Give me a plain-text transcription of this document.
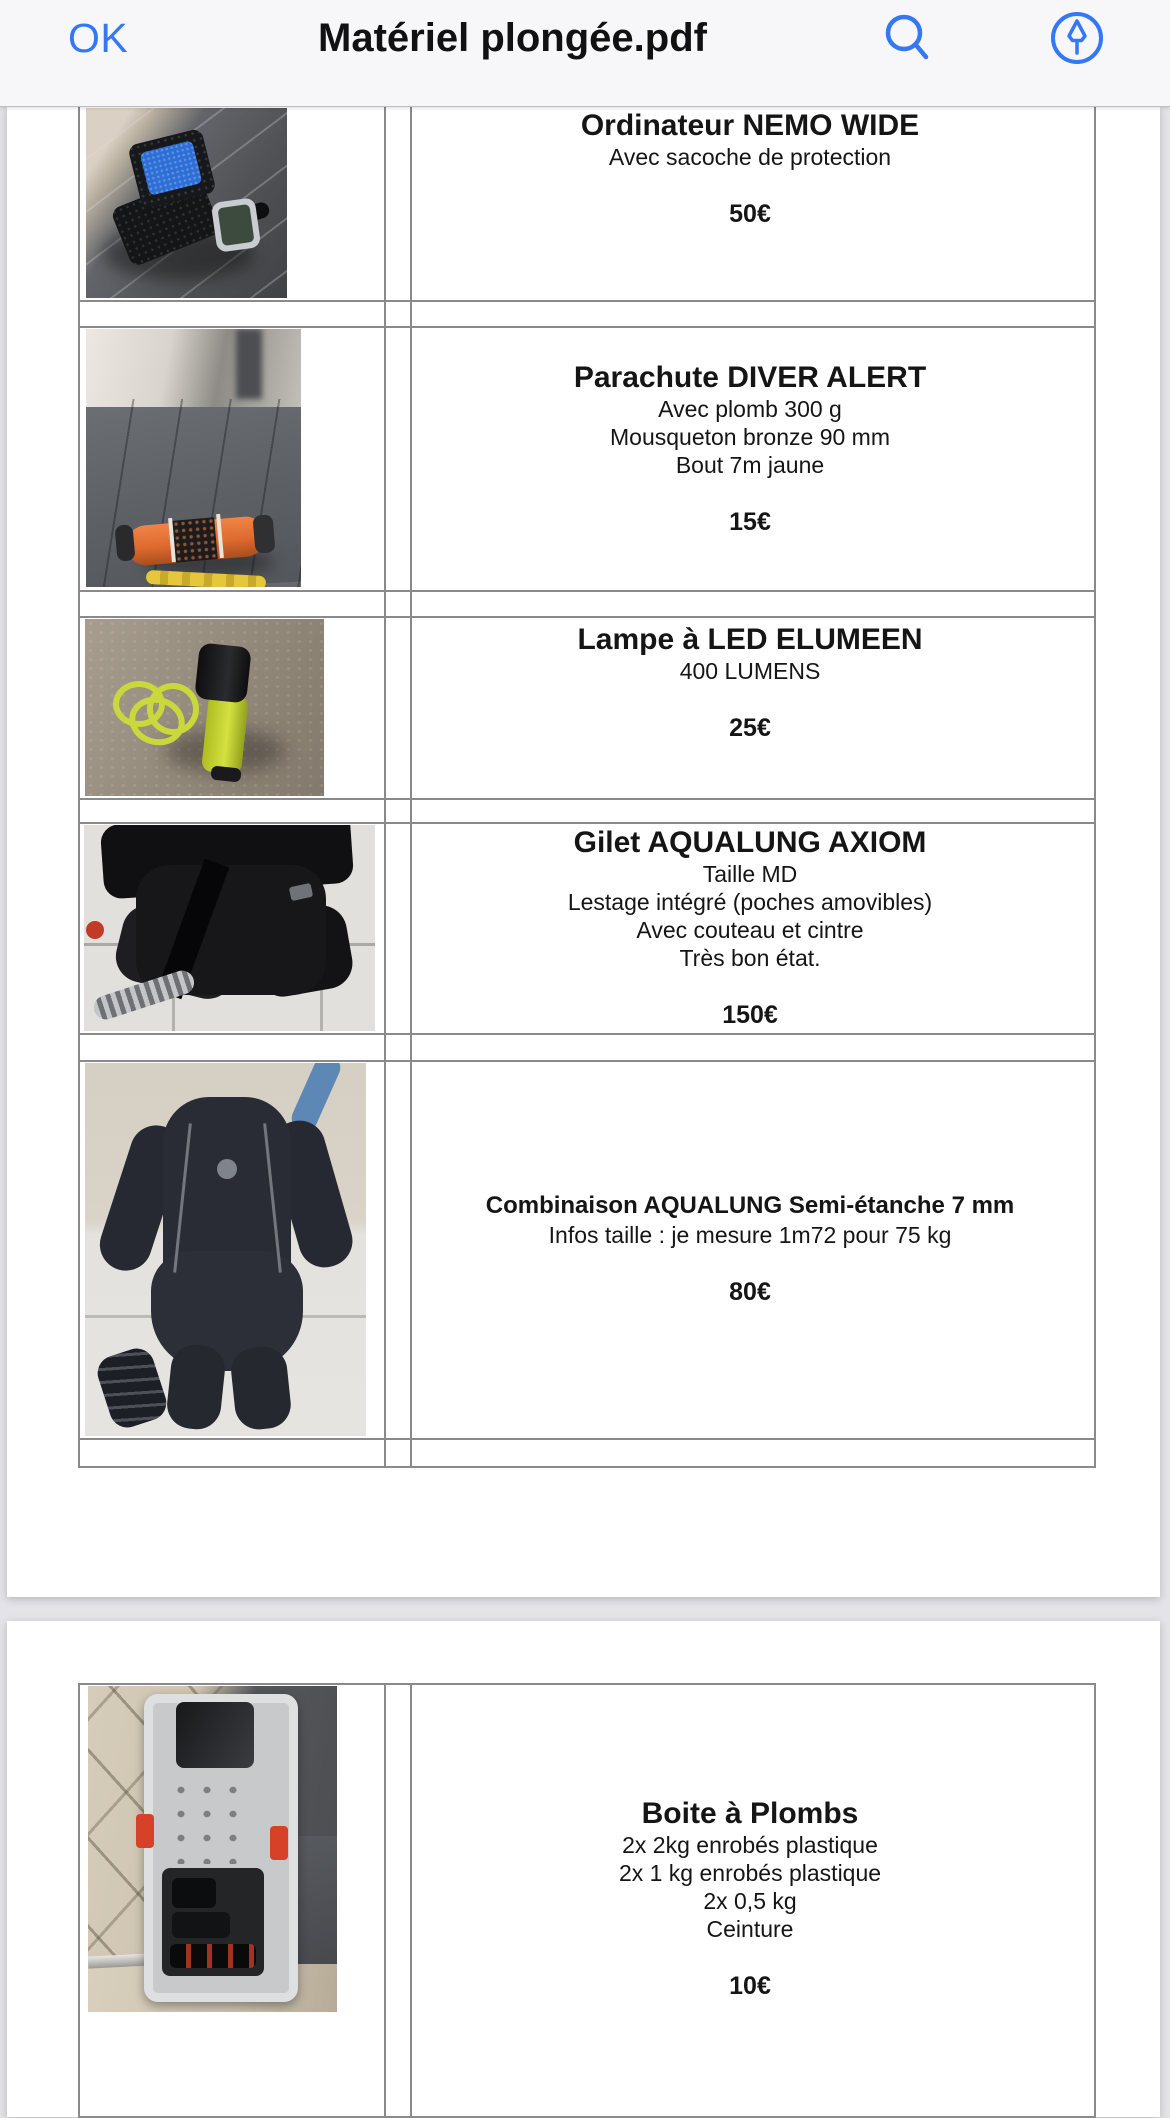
OK	Matériel plongée.pdf
Ordinateur NEMO WIDE
Avec sacoche de protection
50€
Parachute DIVER ALERT
Avec plomb 300 g
Mousqueton bronze 90 mm
Bout 7m jaune
15€
Lampe à LED ELUMEEN
400 LUMENS
25€
Gilet AQUALUNG AXIOM
Taille MD
Lestage intégré (poches amovibles)
Avec couteau et cintre
Très bon état.
150€
Combinaison AQUALUNG Semi-étanche 7 mm
Infos taille : je mesure 1m72 pour 75 kg
80€
Boite à Plombs
2x 2kg enrobés plastique
2x 1 kg enrobés plastique
2x 0,5 kg
Ceinture
10€
